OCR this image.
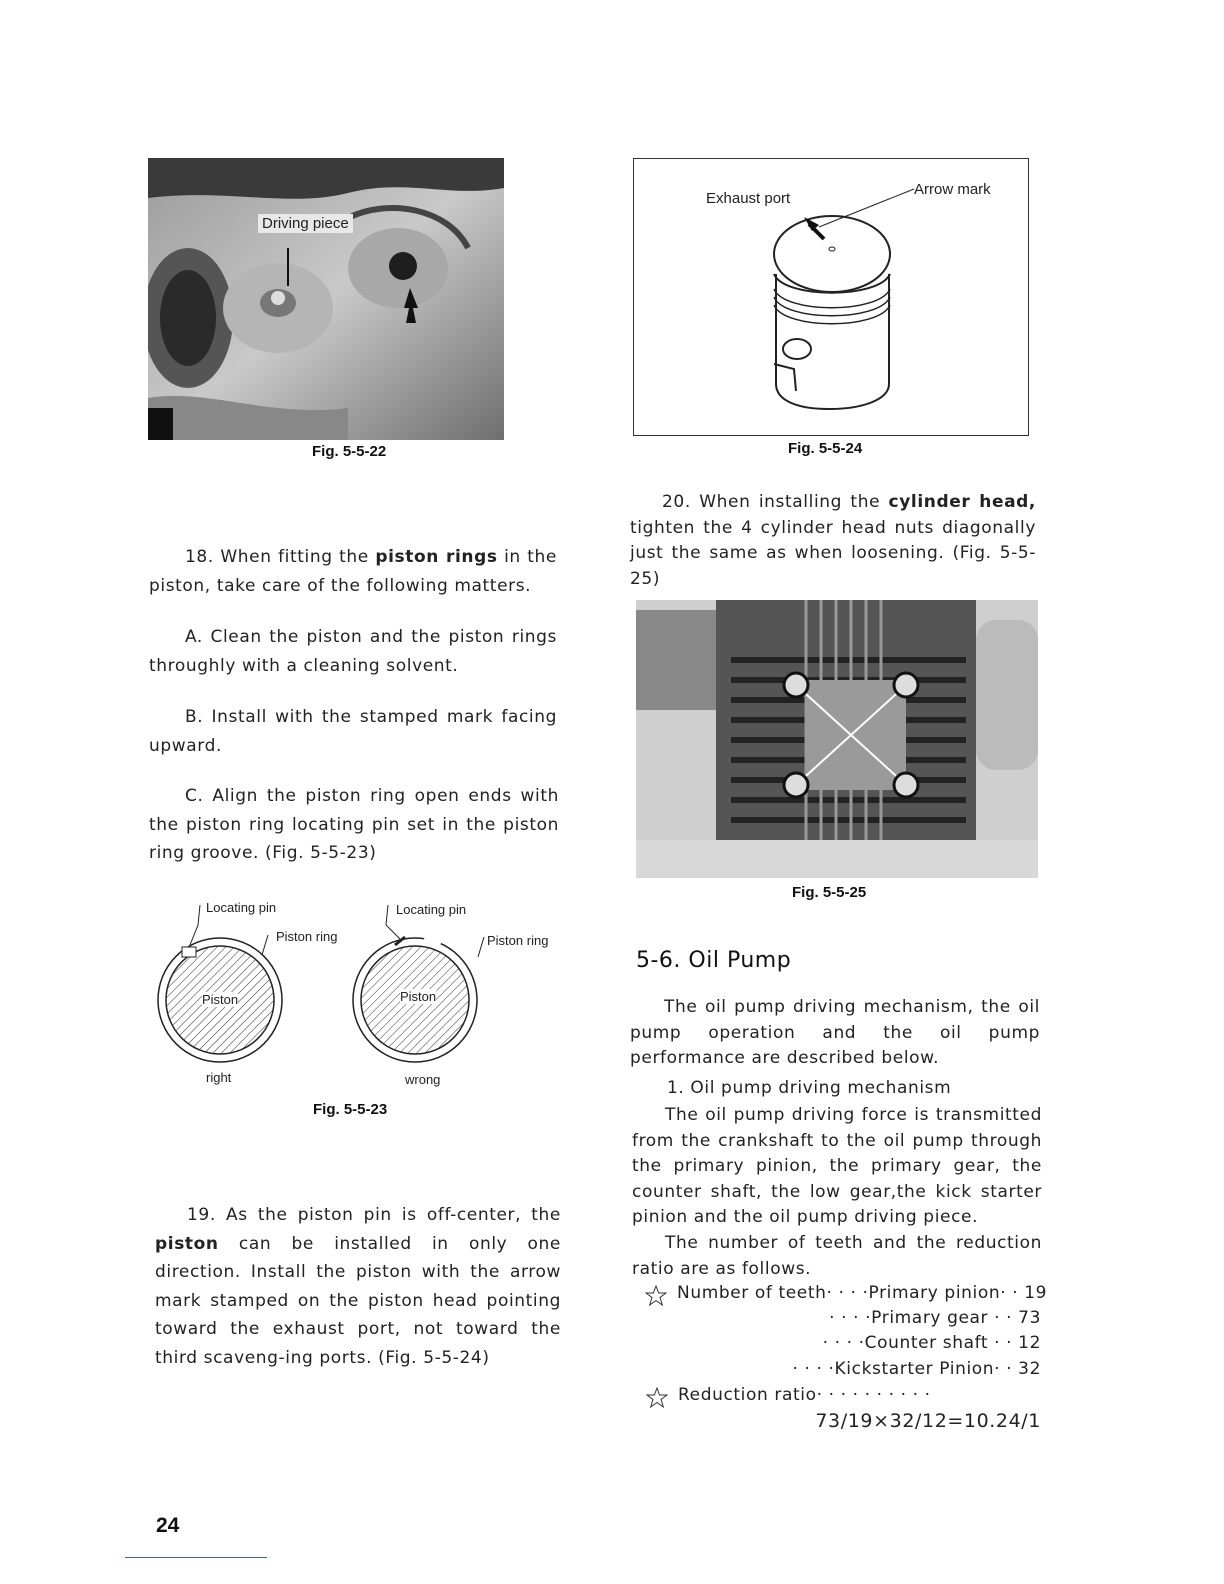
Driving piece
Fig. 5-5-22
Exhaust port
Arrow mark
Fig. 5-5-24
18. When fitting the piston rings in the piston, take care of the following matters.
A. Clean the piston and the piston rings throughly with a cleaning solvent.
B. Install with the stamped mark facing upward.
C. Align the piston ring open ends with the piston ring locating pin set in the piston ring groove. (Fig. 5-5-23)
Locating pin
Piston ring
Piston
right
Locating pin
Piston ring
Piston
wrong
Fig. 5-5-23
19. As the piston pin is off-center, the piston can be installed in only one direction. Install the piston with the arrow mark stamped on the piston head pointing toward the exhaust port, not toward the third scaveng-ing ports. (Fig. 5-5-24)
20. When installing the cylinder head, tighten the 4 cylinder head nuts diagonally just the same as when loosening. (Fig. 5-5-25)
Fig. 5-5-25
5-6. Oil Pump
The oil pump driving mechanism, the oil pump operation and the oil pump performance are described below.
1. Oil pump driving mechanism
The oil pump driving force is transmitted from the crankshaft to the oil pump through the primary pinion, the primary gear, the counter shaft, the low gear,the kick starter pinion and the oil pump driving piece.
The number of teeth and the reduction ratio are as follows.
Number of teeth· · · ·Primary pinion· · 19
· · · ·Primary gear · · 73
· · · ·Counter shaft · · 12
· · · ·Kickstarter Pinion· · 32
Reduction ratio· · · · · · · · · ·
73/19×32/12=10.24/1
24
